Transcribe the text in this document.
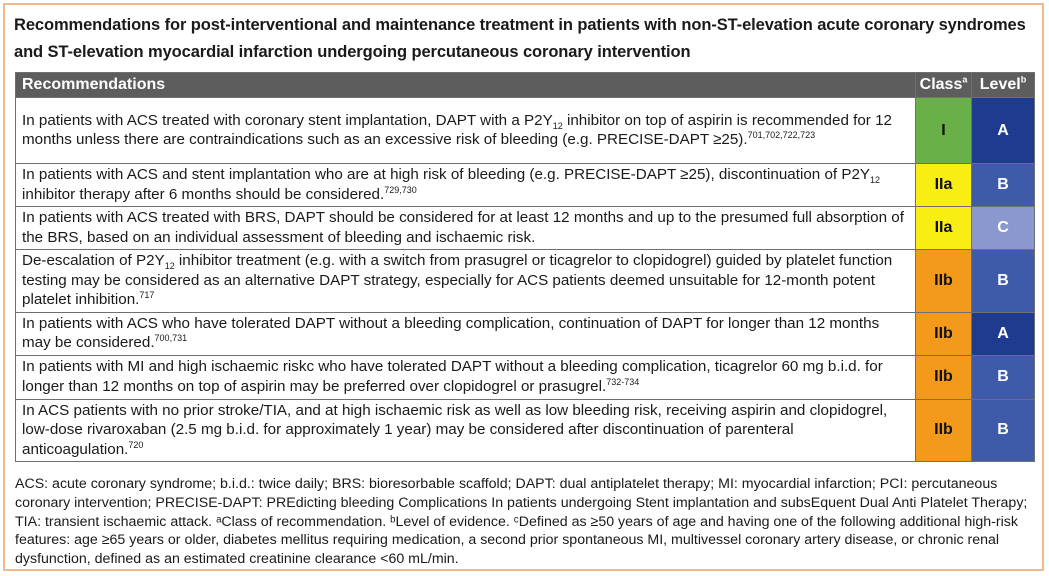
Recommendations for post-interventional and maintenance treatment in patients with non-ST-elevation acute coronary syndromes and ST-elevation myocardial infarction undergoing percutaneous coronary intervention
Recommendations	Class$^a$	Level$^b$
In patients with ACS treated with coronary stent implantation, DAPT with a $P2Y_{12}$ inhibitor on top of aspirin is recommended for 12 months unless there are contraindications such as an excessive risk of bleeding (e.g. PRECISE-DAPT ≥25).$^{701,702,722,723}$	I	A
In patients with ACS and stent implantation who are at high risk of bleeding (e.g. PRECISE-DAPT ≥25), discontinuation of $P2Y_{12}$ inhibitor therapy after 6 months should be considered.$^{729,730}$	IIa	B
In patients with ACS treated with BRS, DAPT should be considered for at least 12 months and up to the presumed full absorption of the BRS, based on an individual assessment of bleeding and ischaemic risk.	IIa	C
De-escalation of $P2Y_{12}$ inhibitor treatment (e.g. with a switch from prasugrel or ticagrelor to clopidogrel) guided by platelet function testing may be considered as an alternative DAPT strategy, especially for ACS patients deemed unsuitable for 12-month potent platelet inhibition.$^{717}$	IIb	B
In patients with ACS who have tolerated DAPT without a bleeding complication, continuation of DAPT for longer than 12 months may be considered.$^{700,731}$	IIb	A
In patients with MI and high ischaemic riskc who have tolerated DAPT without a bleeding complication, ticagrelor 60 mg b.i.d. for longer than 12 months on top of aspirin may be preferred over clopidogrel or prasugrel.$^{732-734}$	IIb	B
In ACS patients with no prior stroke/TIA, and at high ischaemic risk as well as low bleeding risk, receiving aspirin and clopidogrel, low-dose rivaroxaban (2.5 mg b.i.d. for approximately 1 year) may be considered after discontinuation of parenteral anticoagulation.$^{720}$	IIb	B
ACS: acute coronary syndrome; b.i.d.: twice daily; BRS: bioresorbable scaffold; DAPT: dual antiplatelet therapy; MI: myocardial infarction; PCI: percutaneous coronary intervention; PRECISE-DAPT: PREdicting bleeding Complications In patients undergoing Stent implantation and subsEquent Dual Anti Platelet Therapy; TIA: transient ischaemic attack. ᵃClass of recommendation. ᵇLevel of evidence. ᶜDefined as ≥50 years of age and having one of the following additional high-risk features: age ≥65 years or older, diabetes mellitus requiring medication, a second prior spontaneous MI, multivessel coronary artery disease, or chronic renal dysfunction, defined as an estimated creatinine clearance <60 mL/min.
